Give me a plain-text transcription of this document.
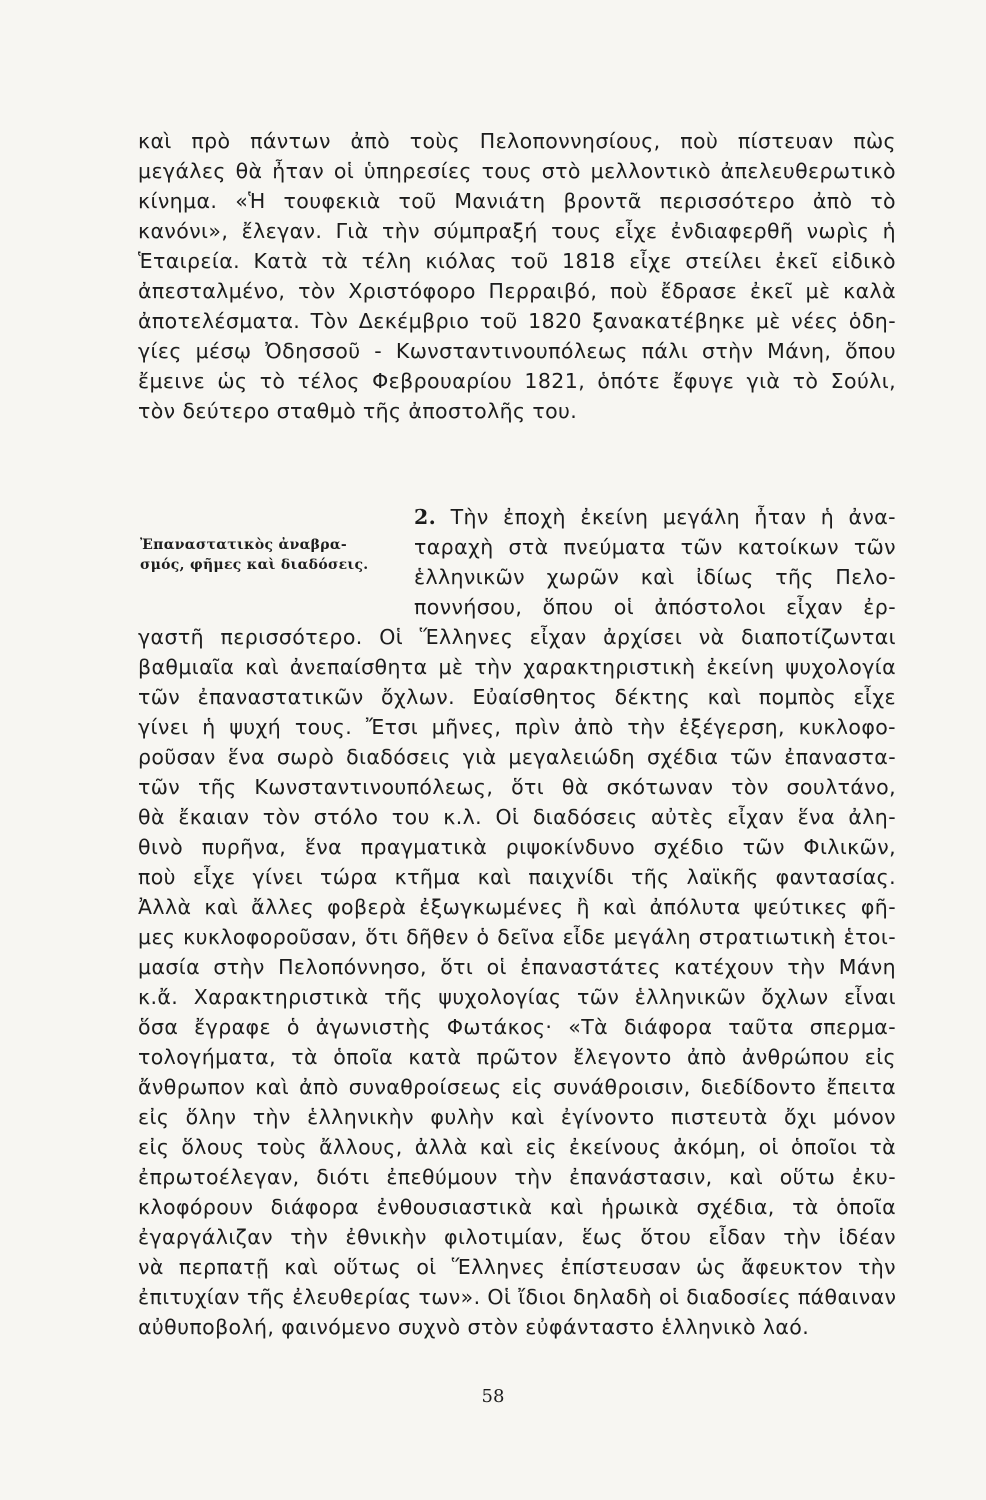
καὶ πρὸ πάντων ἀπὸ τοὺς Πελοποννησίους, ποὺ πίστευαν πὼς

μεγάλες θὰ ἦταν οἱ ὑπηρεσίες τους στὸ μελλοντικὸ ἀπελευθερωτικὸ

κίνημα. «Ἡ τουφεκιὰ τοῦ Μανιάτη βροντᾶ περισσότερο ἀπὸ τὸ

κανόνι», ἔλεγαν. Γιὰ τὴν σύμπραξή τους εἶχε ἐνδιαφερθῆ νωρὶς ἡ

Ἑταιρεία. Κατὰ τὰ τέλη κιόλας τοῦ 1818 εἶχε στείλει ἐκεῖ εἰδικὸ

ἀπεσταλμένο, τὸν Χριστόφορο Περραιβό, ποὺ ἔδρασε ἐκεῖ μὲ καλὰ

ἀποτελέσματα. Τὸν Δεκέμβριο τοῦ 1820 ξανακατέβηκε μὲ νέες ὁδη-

γίες μέσῳ Ὀδησσοῦ - Κωνσταντινουπόλεως πάλι στὴν Μάνη, ὅπου

ἔμεινε ὡς τὸ τέλος Φεβρουαρίου 1821, ὁπότε ἔφυγε γιὰ τὸ Σούλι,

τὸν δεύτερο σταθμὸ τῆς ἀποστολῆς του.

Ἐπαναστατικὸς ἀναβρα-

σμός, φῆμες καὶ διαδόσεις.

2. Τὴν ἐποχὴ ἐκείνη μεγάλη ἦταν ἡ ἀνα-

ταραχὴ στὰ πνεύματα τῶν κατοίκων τῶν

ἑλληνικῶν χωρῶν καὶ ἰδίως τῆς Πελο-

ποννήσου, ὅπου οἱ ἀπόστολοι εἶχαν ἐρ-

γαστῆ περισσότερο. Οἱ Ἕλληνες εἶχαν ἀρχίσει νὰ διαποτίζωνται

βαθμιαῖα καὶ ἀνεπαίσθητα μὲ τὴν χαρακτηριστικὴ ἐκείνη ψυχολογία

τῶν ἐπαναστατικῶν ὄχλων. Εὐαίσθητος δέκτης καὶ πομπὸς εἶχε

γίνει ἡ ψυχή τους. Ἔτσι μῆνες, πρὶν ἀπὸ τὴν ἐξέγερση, κυκλοφο-

ροῦσαν ἕνα σωρὸ διαδόσεις γιὰ μεγαλειώδη σχέδια τῶν ἐπαναστα-

τῶν τῆς Κωνσταντινουπόλεως, ὅτι θὰ σκότωναν τὸν σουλτάνο,

θὰ ἔκαιαν τὸν στόλο του κ.λ. Οἱ διαδόσεις αὐτὲς εἶχαν ἕνα ἀλη-

θινὸ πυρῆνα, ἕνα πραγματικὰ ριψοκίνδυνο σχέδιο τῶν Φιλικῶν,

ποὺ εἶχε γίνει τώρα κτῆμα καὶ παιχνίδι τῆς λαϊκῆς φαντασίας.

Ἀλλὰ καὶ ἄλλες φοβερὰ ἐξωγκωμένες ἢ καὶ ἀπόλυτα ψεύτικες φῆ-

μες κυκλοφοροῦσαν, ὅτι δῆθεν ὁ δεῖνα εἶδε μεγάλη στρατιωτικὴ ἑτοι-

μασία στὴν Πελοπόννησο, ὅτι οἱ ἐπαναστάτες κατέχουν τὴν Μάνη

κ.ἄ. Χαρακτηριστικὰ τῆς ψυχολογίας τῶν ἑλληνικῶν ὄχλων εἶναι

ὅσα ἔγραφε ὁ ἀγωνιστὴς Φωτάκος· «Τὰ διάφορα ταῦτα σπερμα-

τολογήματα, τὰ ὁποῖα κατὰ πρῶτον ἔλεγοντο ἀπὸ ἀνθρώπου εἰς

ἄνθρωπον καὶ ἀπὸ συναθροίσεως εἰς συνάθροισιν, διεδίδοντο ἔπειτα

εἰς ὅλην τὴν ἑλληνικὴν φυλὴν καὶ ἐγίνοντο πιστευτὰ ὄχι μόνον

εἰς ὅλους τοὺς ἄλλους, ἀλλὰ καὶ εἰς ἐκείνους ἀκόμη, οἱ ὁποῖοι τὰ

ἐπρωτοέλεγαν, διότι ἐπεθύμουν τὴν ἐπανάστασιν, καὶ οὕτω ἐκυ-

κλοφόρουν διάφορα ἐνθουσιαστικὰ καὶ ἡρωικὰ σχέδια, τὰ ὁποῖα

ἐγαργάλιζαν τὴν ἐθνικὴν φιλοτιμίαν, ἕως ὅτου εἶδαν τὴν ἰδέαν

νὰ περπατῇ καὶ οὕτως οἱ Ἕλληνες ἐπίστευσαν ὡς ἄφευκτον τὴν

ἐπιτυχίαν τῆς ἐλευθερίας των». Οἱ ἴδιοι δηλαδὴ οἱ διαδοσίες πάθαιναν

αὐθυποβολή, φαινόμενο συχνὸ στὸν εὐφάνταστο ἑλληνικὸ λαό.

58
